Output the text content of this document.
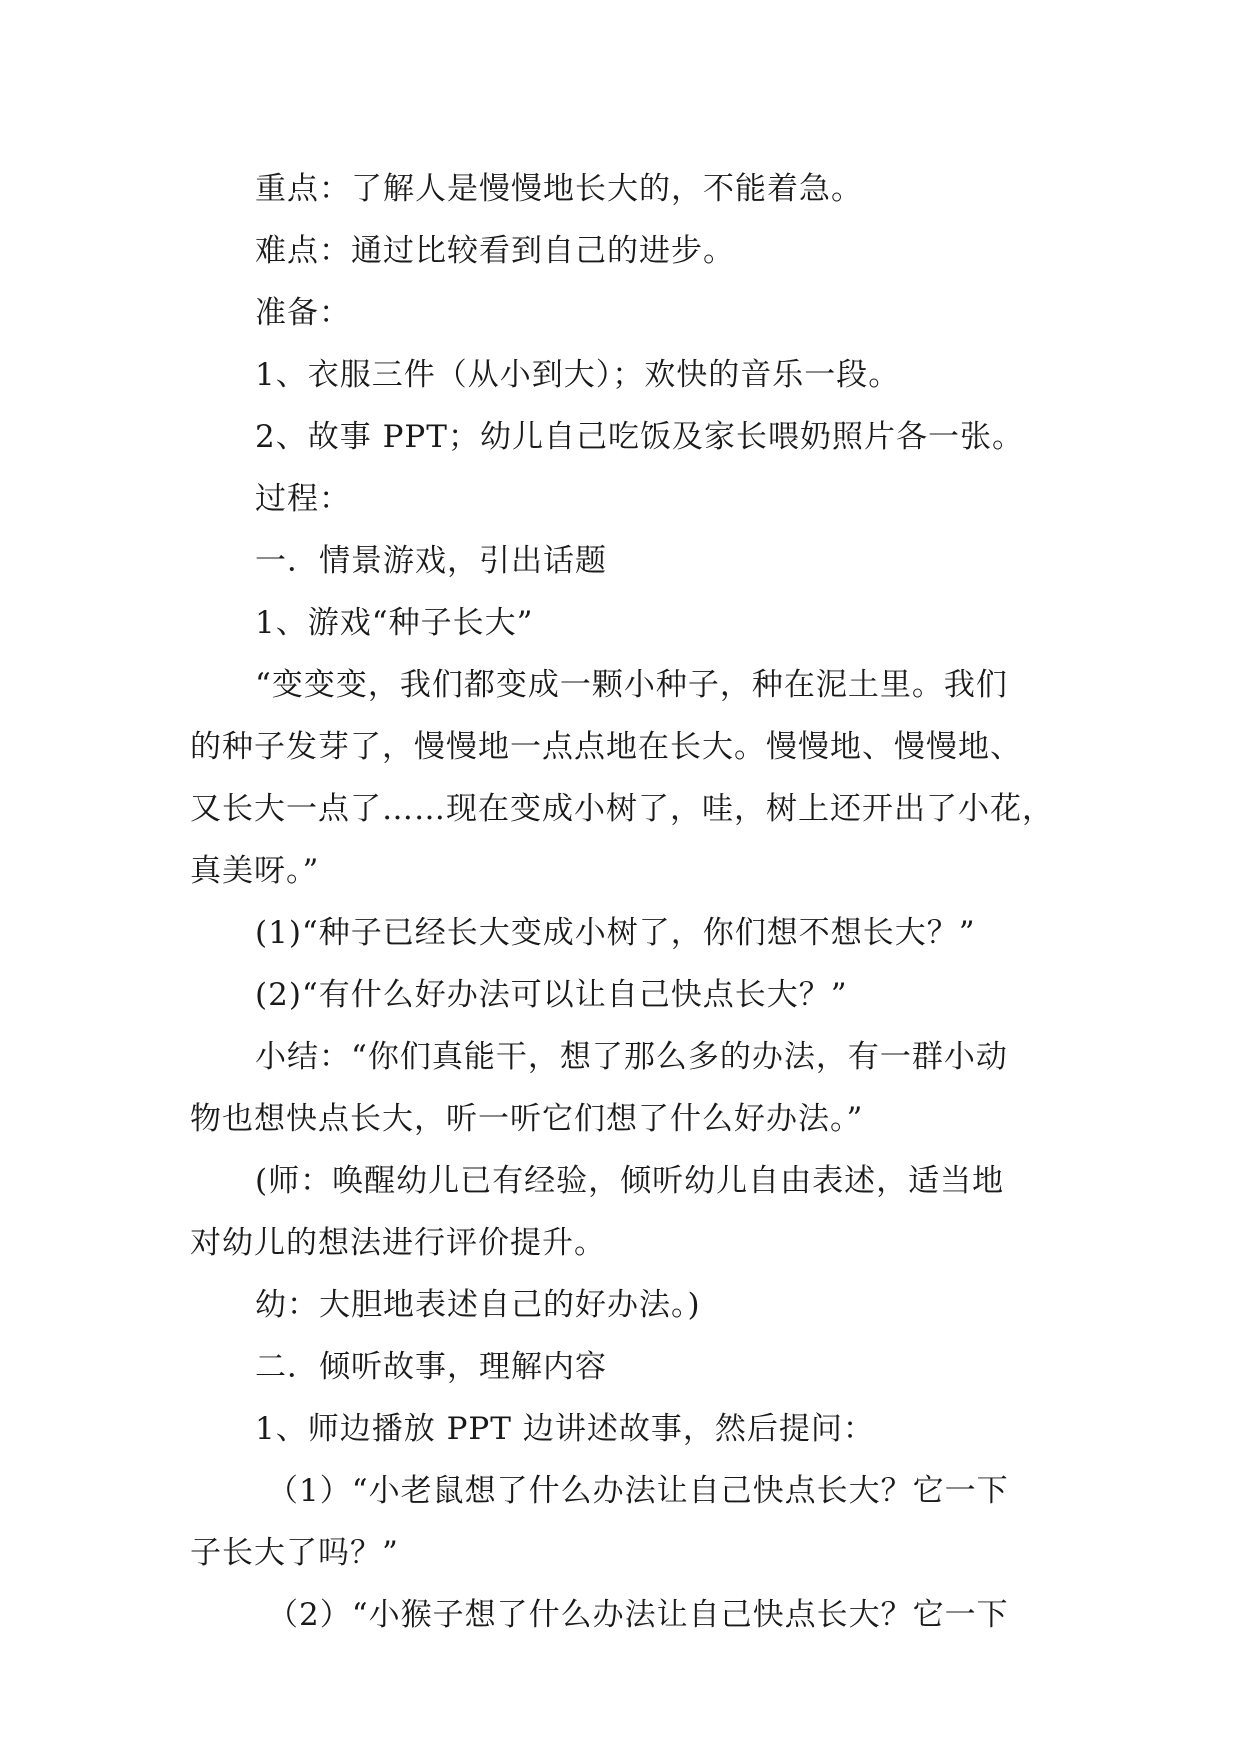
重点：了解人是慢慢地长大的，不能着急。
难点：通过比较看到自己的进步。
准备：
1、衣服三件（从小到大）；欢快的音乐一段。
2、故事 PPT；幼儿自己吃饭及家长喂奶照片各一张。
过程：
一．情景游戏，引出话题
1、游戏“种子长大”
“变变变，我们都变成一颗小种子，种在泥土里。我们
的种子发芽了，慢慢地一点点地在长大。慢慢地、慢慢地、
又长大一点了……现在变成小树了，哇，树上还开出了小花，
真美呀。”
(1)“种子已经长大变成小树了，你们想不想长大？”
(2)“有什么好办法可以让自己快点长大？”
小结：“你们真能干，想了那么多的办法，有一群小动
物也想快点长大，听一听它们想了什么好办法。”
(师：唤醒幼儿已有经验，倾听幼儿自由表述，适当地
对幼儿的想法进行评价提升。
幼：大胆地表述自己的好办法。)
二．倾听故事，理解内容
1、师边播放 PPT 边讲述故事，然后提问：
（1）“小老鼠想了什么办法让自己快点长大？它一下
子长大了吗？”
（2）“小猴子想了什么办法让自己快点长大？它一下
